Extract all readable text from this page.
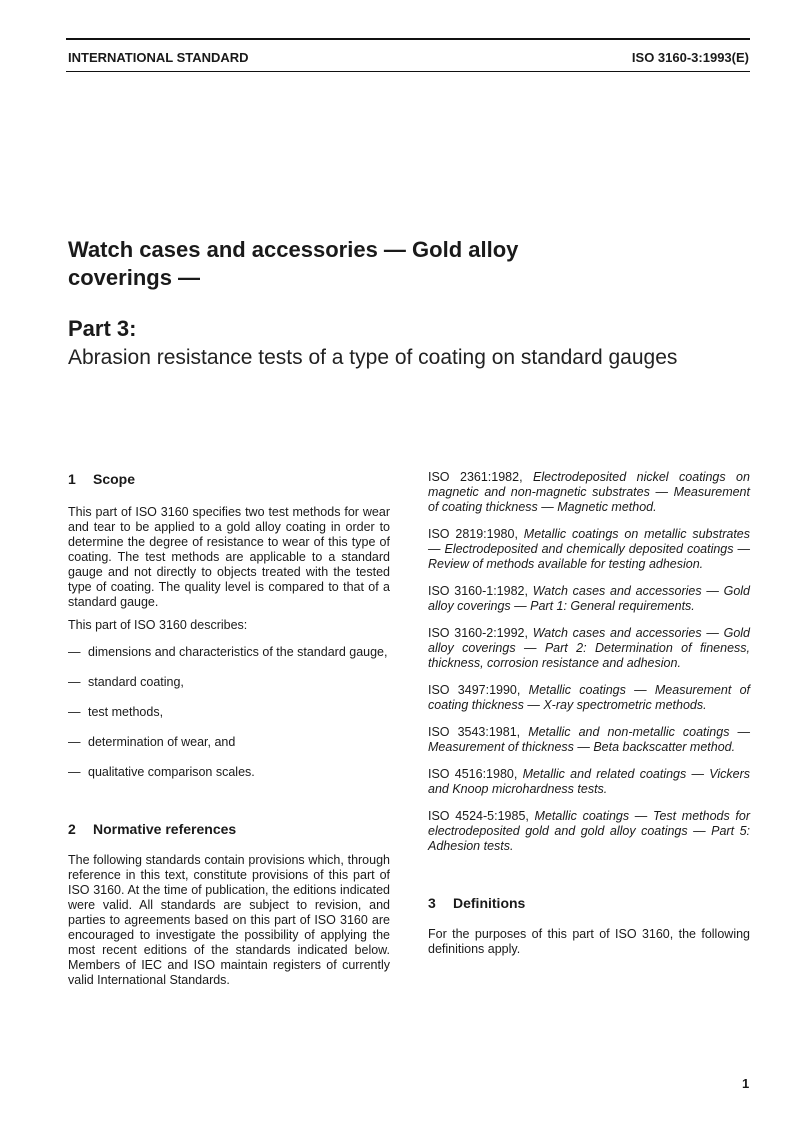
INTERNATIONAL STANDARD	ISO 3160-3:1993(E)
Watch cases and accessories — Gold alloy coverings —
Part 3:
Abrasion resistance tests of a type of coating on standard gauges
1 Scope

This part of ISO 3160 specifies two test methods for wear and tear to be applied to a gold alloy coating in order to determine the degree of resistance to wear of this type of coating. The test methods are applicable to a standard gauge and not directly to objects treated with the tested type of coating. The quality level is compared to that of a standard gauge.

This part of ISO 3160 describes:

— dimensions and characteristics of the standard gauge,
— standard coating,
— test methods,
— determination of wear, and
— qualitative comparison scales.
2 Normative references

The following standards contain provisions which, through reference in this text, constitute provisions of this part of ISO 3160. At the time of publication, the editions indicated were valid. All standards are subject to revision, and parties to agreements based on this part of ISO 3160 are encouraged to investigate the possibility of applying the most recent editions of the standards indicated below. Members of IEC and ISO maintain registers of currently valid International Standards.

ISO 2361:1982, Electrodeposited nickel coatings on magnetic and non-magnetic substrates — Measurement of coating thickness — Magnetic method.

ISO 2819:1980, Metallic coatings on metallic substrates — Electrodeposited and chemically deposited coatings — Review of methods available for testing adhesion.

ISO 3160-1:1982, Watch cases and accessories — Gold alloy coverings — Part 1: General requirements.

ISO 3160-2:1992, Watch cases and accessories — Gold alloy coverings — Part 2: Determination of fineness, thickness, corrosion resistance and adhesion.

ISO 3497:1990, Metallic coatings — Measurement of coating thickness — X-ray spectrometric methods.

ISO 3543:1981, Metallic and non-metallic coatings — Measurement of thickness — Beta backscatter method.

ISO 4516:1980, Metallic and related coatings — Vickers and Knoop microhardness tests.

ISO 4524-5:1985, Metallic coatings — Test methods for electrodeposited gold and gold alloy coatings — Part 5: Adhesion tests.

3 Definitions

For the purposes of this part of ISO 3160, the following definitions apply.

1
